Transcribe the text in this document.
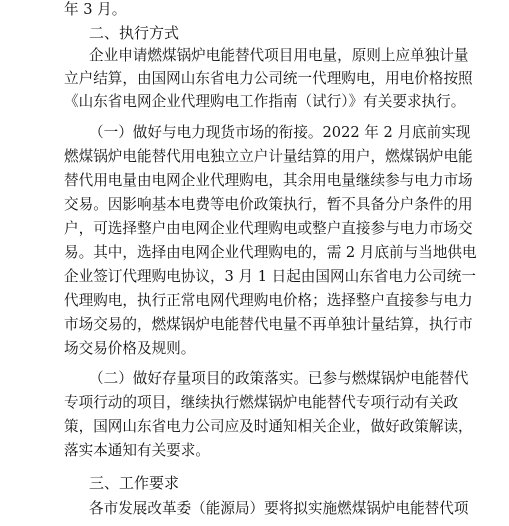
年 3 月。
二、执行方式
企业申请燃煤锅炉电能替代项目用电量，原则上应单独计量
立户结算，由国网山东省电力公司统一代理购电，用电价格按照
《山东省电网企业代理购电工作指南（试行）》有关要求执行。
（一）做好与电力现货市场的衔接。2022 年 2 月底前实现
燃煤锅炉电能替代用电独立立户计量结算的用户，燃煤锅炉电能
替代用电量由电网企业代理购电，其余用电量继续参与电力市场
交易。因影响基本电费等电价政策执行，暂不具备分户条件的用
户，可选择整户由电网企业代理购电或整户直接参与电力市场交
易。其中，选择由电网企业代理购电的，需 2 月底前与当地供电
企业签订代理购电协议，3 月 1 日起由国网山东省电力公司统一
代理购电，执行正常电网代理购电价格；选择整户直接参与电力
市场交易的，燃煤锅炉电能替代电量不再单独计量结算，执行市
场交易价格及规则。
（二）做好存量项目的政策落实。已参与燃煤锅炉电能替代
专项行动的项目，继续执行燃煤锅炉电能替代专项行动有关政
策，国网山东省电力公司应及时通知相关企业，做好政策解读，
落实本通知有关要求。
三、工作要求
各市发展改革委（能源局）要将拟实施燃煤锅炉电能替代项
